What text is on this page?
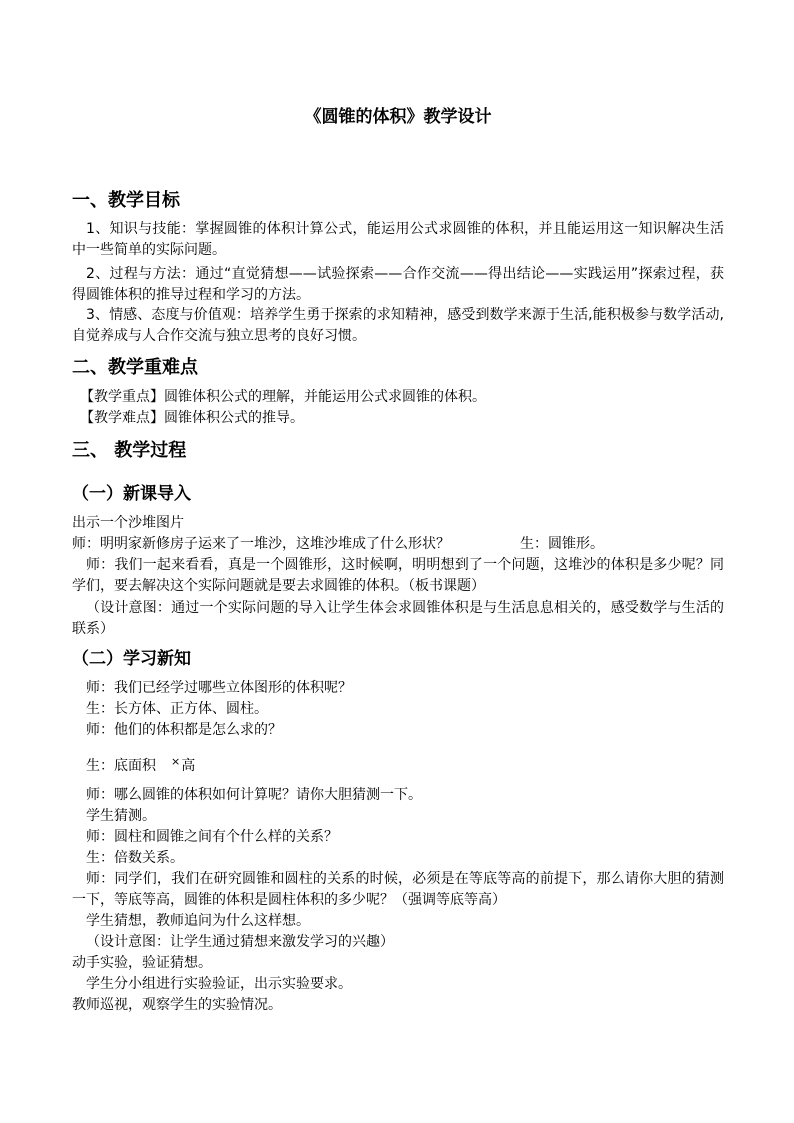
《圆锥的体积》教学设计
一、教学目标
1、知识与技能：掌握圆锥的体积计算公式，能运用公式求圆锥的体积，并且能运用这一知识解决生活中一些简单的实际问题。
2、过程与方法：通过“直觉猜想——试验探索——合作交流——得出结论——实践运用”探索过程，获得圆锥体积的推导过程和学习的方法。
3、情感、态度与价值观：培养学生勇于探索的求知精神，感受到数学来源于生活,能积极参与数学活动,自觉养成与人合作交流与独立思考的良好习惯。
二、教学重难点
【教学重点】圆锥体积公式的理解，并能运用公式求圆锥的体积。
【教学难点】圆锥体积公式的推导。
三、 教学过程
（一）新课导入
出示一个沙堆图片
师：明明家新修房子运来了一堆沙，这堆沙堆成了什么形状？	生：圆锥形。
师：我们一起来看看，真是一个圆锥形，这时候啊，明明想到了一个问题，这堆沙的体积是多少呢？同学们，要去解决这个实际问题就是要去求圆锥的体积。（板书课题）
（设计意图：通过一个实际问题的导入让学生体会求圆锥体积是与生活息息相关的，感受数学与生活的联系）
（二）学习新知
师：我们已经学过哪些立体图形的体积呢？
生：长方体、正方体、圆柱。
师：他们的体积都是怎么求的？
生：底面积 ×高
师：哪么圆锥的体积如何计算呢？请你大胆猜测一下。
学生猜测。
师：圆柱和圆锥之间有个什么样的关系？
生：倍数关系。
师：同学们，我们在研究圆锥和圆柱的关系的时候，必须是在等底等高的前提下，那么请你大胆的猜测一下，等底等高，圆锥的体积是圆柱体积的多少呢？（强调等底等高）
学生猜想，教师追问为什么这样想。
（设计意图：让学生通过猜想来激发学习的兴趣）
动手实验，验证猜想。
学生分小组进行实验验证，出示实验要求。
教师巡视，观察学生的实验情况。
